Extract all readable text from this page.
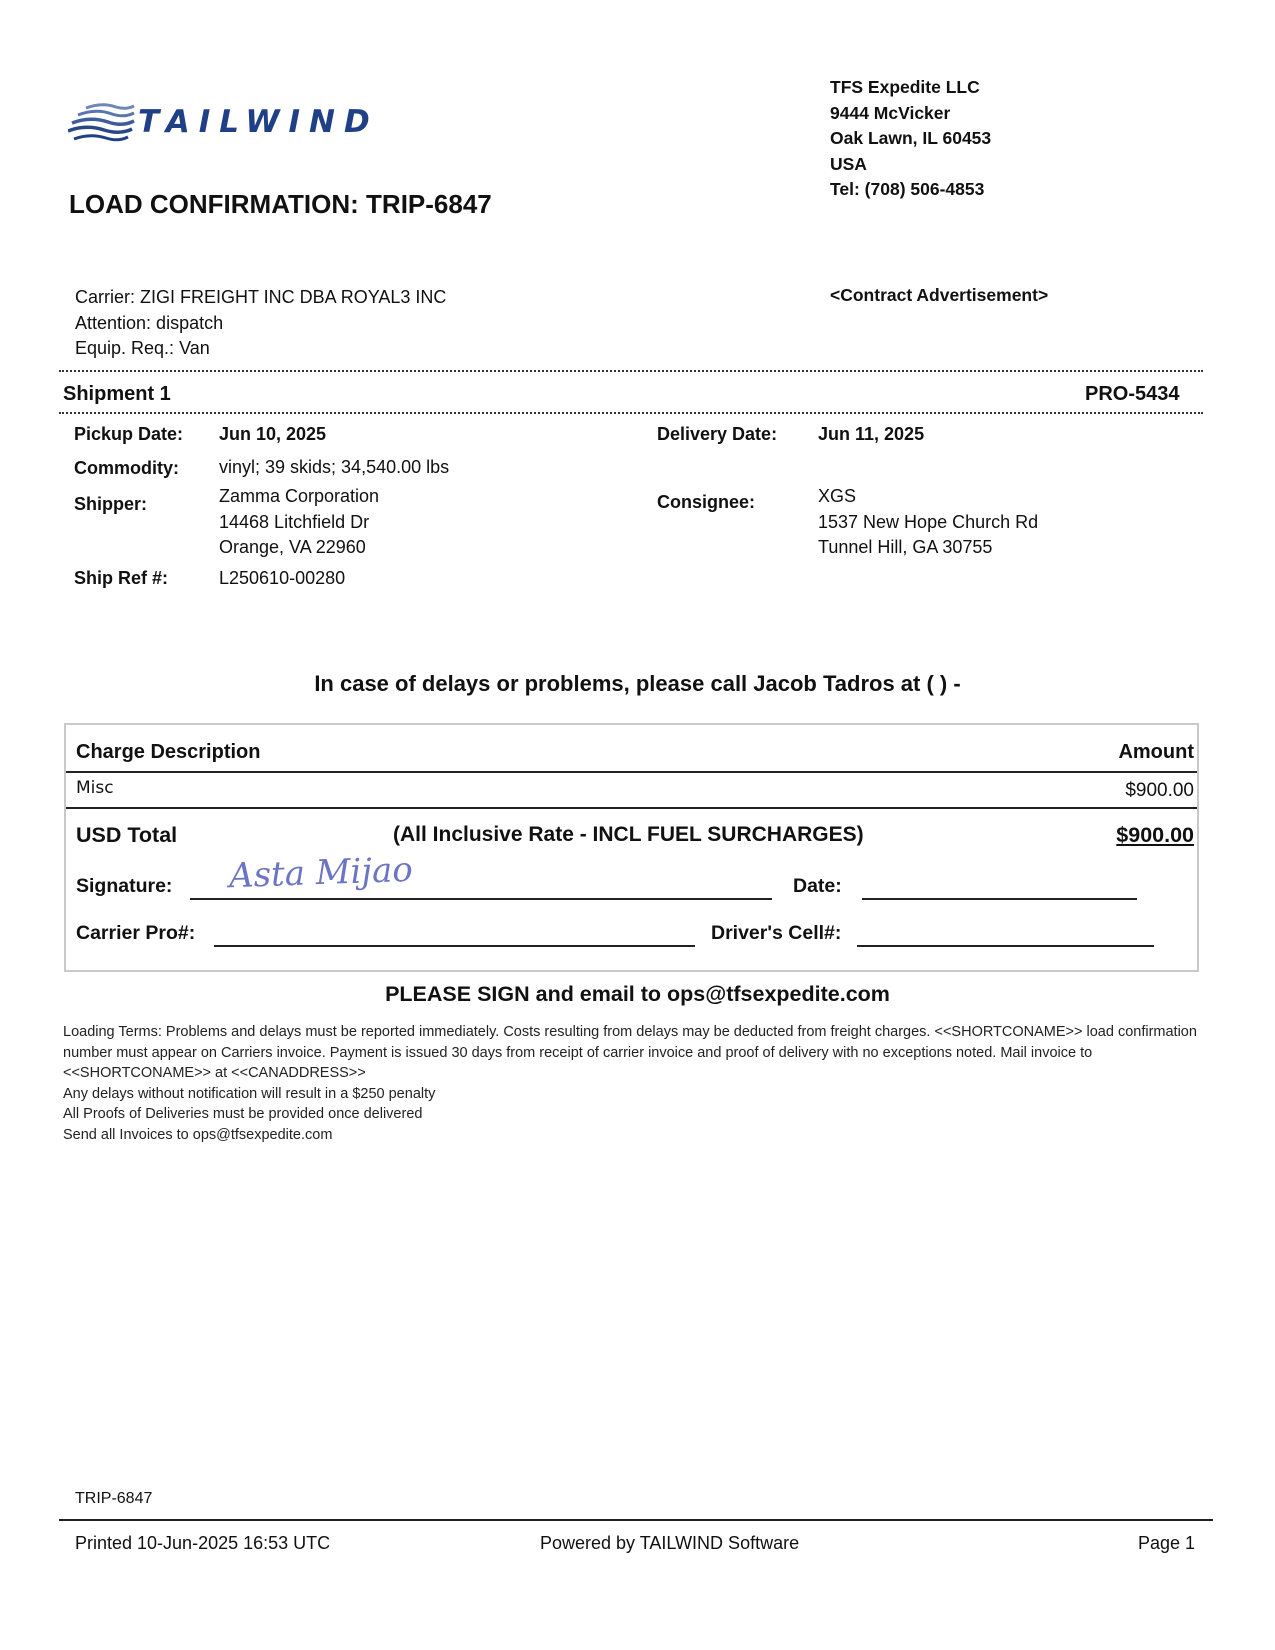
TAILWIND
LOAD CONFIRMATION: TRIP-6847
TFS Expedite LLC
9444 McVicker
Oak Lawn, IL 60453
USA
Tel: (708) 506-4853
Carrier: ZIGI FREIGHT INC DBA ROYAL3 INC
Attention: dispatch
Equip. Req.: Van
<Contract Advertisement>
Shipment 1	PRO-5434
Pickup Date: Jun 10, 2025	Delivery Date: Jun 11, 2025
Commodity: vinyl; 39 skids; 34,540.00 lbs
Shipper:	Zamma Corporation
14468 Litchfield Dr
Orange, VA 22960
Consignee:	XGS
1537 New Hope Church Rd
Tunnel Hill, GA 30755
Ship Ref #:	L250610-00280
In case of delays or problems, please call Jacob Tadros at ( ) -
Charge Description	Amount
Misc	$900.00
USD Total	(All Inclusive Rate - INCL FUEL SURCHARGES)	$900.00
Signature: Asta Mijao	Date:
Carrier Pro#:	Driver's Cell#:
PLEASE SIGN and email to ops@tfsexpedite.com
Loading Terms: Problems and delays must be reported immediately. Costs resulting from delays may be deducted from freight charges. <<SHORTCONAME>> load confirmation number must appear on Carriers invoice. Payment is issued 30 days from receipt of carrier invoice and proof of delivery with no exceptions noted. Mail invoice to <<SHORTCONAME>> at <<CANADDRESS>>
Any delays without notification will result in a $250 penalty
All Proofs of Deliveries must be provided once delivered
Send all Invoices to ops@tfsexpedite.com
TRIP-6847
Printed 10-Jun-2025 16:53 UTC	Powered by TAILWIND Software	Page 1
